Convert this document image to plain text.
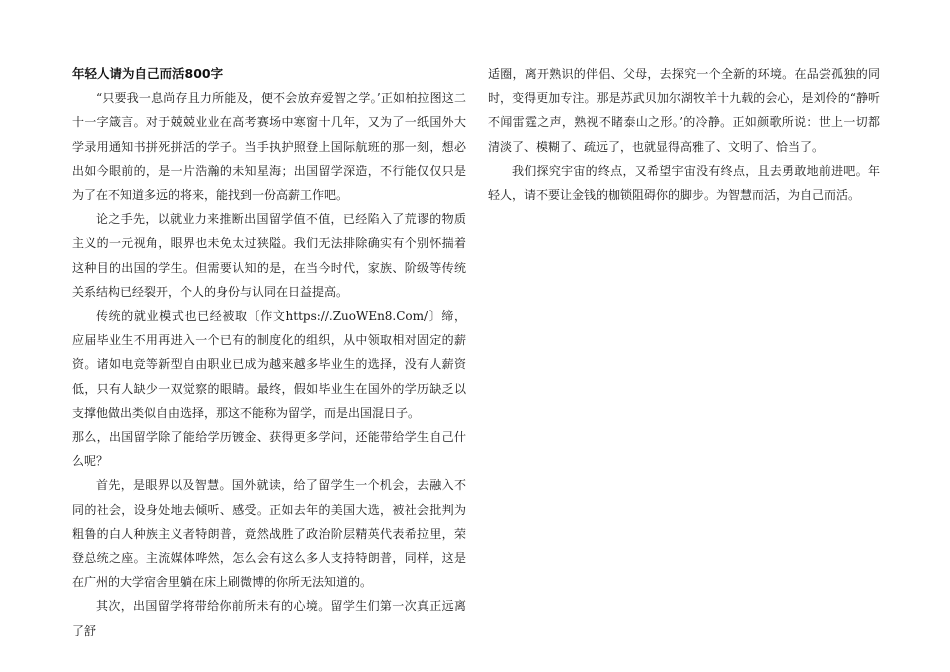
年轻人请为自己而活800字

“只要我一息尚存且力所能及，便不会放弃爱智之学。’正如柏拉图这二十一字箴言。对于兢兢业业在高考赛场中寒窗十几年，又为了一纸国外大学录用通知书拼死拼活的学子。当手执护照登上国际航班的那一刻，想必出如今眼前的，是一片浩瀚的未知星海；出国留学深造，不行能仅仅只是为了在不知道多远的将来，能找到一份高薪工作吧。

论之手先，以就业力来推断出国留学值不值，已经陷入了荒谬的物质主义的一元视角，眼界也未免太过狭隘。我们无法排除确实有个别怀揣着这种目的出国的学生。但需要认知的是，在当今时代，家族、阶级等传统关系结构已经裂开，个人的身份与认同在日益提高。

传统的就业模式也已经被取〔作文https://.ZuoWEn8.Com/〕缔，应届毕业生不用再进入一个已有的制度化的组织，从中领取相对固定的薪资。诸如电竞等新型自由职业已成为越来越多毕业生的选择，没有人薪资低，只有人缺少一双觉察的眼睛。最终，假如毕业生在国外的学历缺乏以支撑他做出类似自由选择，那这不能称为留学，而是出国混日子。

那么，出国留学除了能给学历镀金、获得更多学问，还能带给学生自己什么呢？

首先，是眼界以及智慧。国外就读，给了留学生一个机会，去融入不同的社会，设身处地去倾听、感受。正如去年的美国大选，被社会批判为粗鲁的白人种族主义者特朗普，竟然战胜了政治阶层精英代表希拉里，荣登总统之座。主流媒体哗然，怎么会有这么多人支持特朗普，同样，这是在广州的大学宿舍里躺在床上刷微博的你所无法知道的。

其次，出国留学将带给你前所未有的心境。留学生们第一次真正远离了舒

适圈，离开熟识的伴侣、父母，去探究一个全新的环境。在品尝孤独的同时，变得更加专注。那是苏武贝加尔湖牧羊十九载的会心，是刘伶的“静听不闻雷霆之声，熟视不睹泰山之形。’的冷静。正如颜歌所说：世上一切都清淡了、模糊了、疏远了，也就显得高雅了、文明了、恰当了。

我们探究宇宙的终点，又希望宇宙没有终点，且去勇敢地前进吧。年轻人，请不要让金钱的枷锁阻碍你的脚步。为智慧而活，为自己而活。
